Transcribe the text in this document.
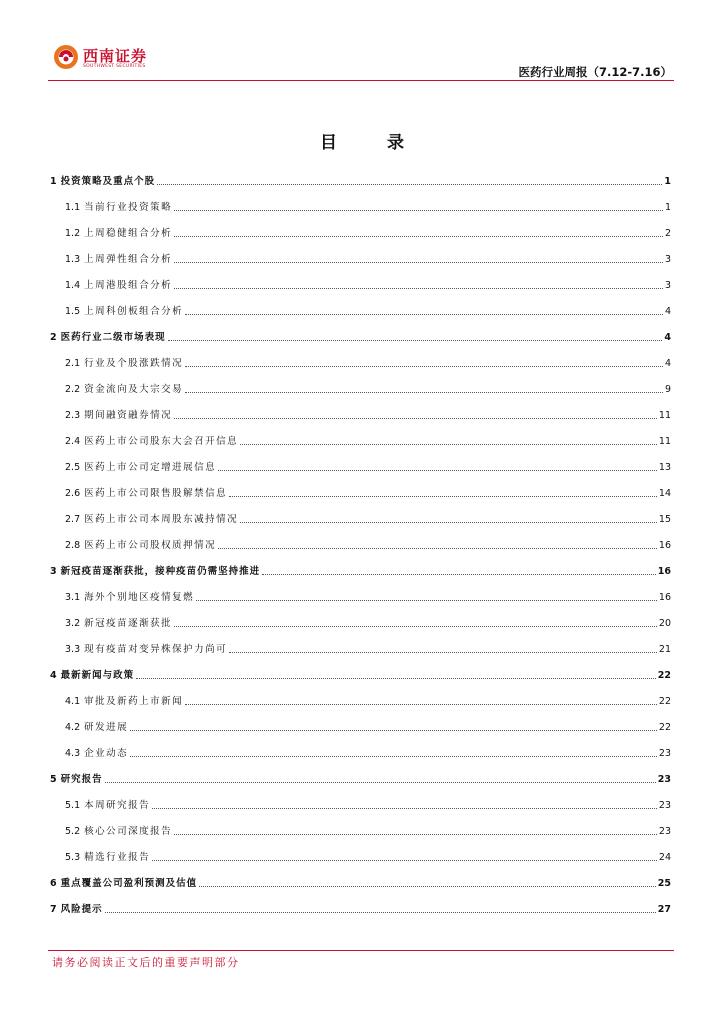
西南证券
SOUTHWEST SECURITIES	医药行业周报（7.12-7.16）
目 录
1 投资策略及重点个股	1
1.1 当前行业投资策略	1
1.2 上周稳健组合分析	2
1.3 上周弹性组合分析	3
1.4 上周港股组合分析	3
1.5 上周科创板组合分析	4
2 医药行业二级市场表现	4
2.1 行业及个股涨跌情况	4
2.2 资金流向及大宗交易	9
2.3 期间融资融券情况	11
2.4 医药上市公司股东大会召开信息	11
2.5 医药上市公司定增进展信息	13
2.6 医药上市公司限售股解禁信息	14
2.7 医药上市公司本周股东减持情况	15
2.8 医药上市公司股权质押情况	16
3 新冠疫苗逐渐获批，接种疫苗仍需坚持推进	16
3.1 海外个别地区疫情复燃	16
3.2 新冠疫苗逐渐获批	20
3.3 现有疫苗对变异株保护力尚可	21
4 最新新闻与政策	22
4.1 审批及新药上市新闻	22
4.2 研发进展	22
4.3 企业动态	23
5 研究报告	23
5.1 本周研究报告	23
5.2 核心公司深度报告	23
5.3 精选行业报告	24
6 重点覆盖公司盈利预测及估值	25
7 风险提示	27
请务必阅读正文后的重要声明部分
